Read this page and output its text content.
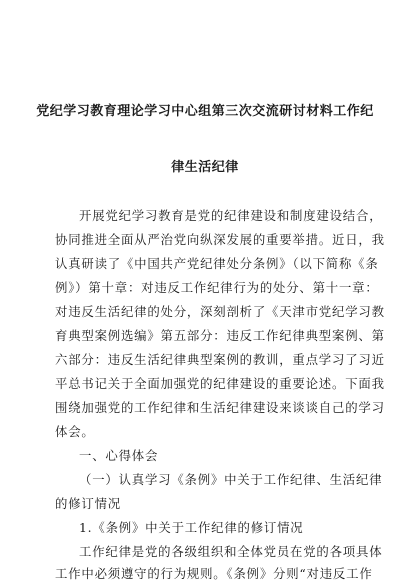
党纪学习教育理论学习中心组第三次交流研讨材料工作纪
律生活纪律
开展党纪学习教育是党的纪律建设和制度建设结合，
协同推进全面从严治党向纵深发展的重要举措。近日，我
认真研读了《中国共产党纪律处分条例》（以下简称《条
例》）第十章：对违反工作纪律行为的处分、第十一章：
对违反生活纪律的处分，深刻剖析了《天津市党纪学习教
育典型案例选编》第五部分：违反工作纪律典型案例、第
六部分：违反生活纪律典型案例的教训，重点学习了习近
平总书记关于全面加强党的纪律建设的重要论述。下面我
围绕加强党的工作纪律和生活纪律建设来谈谈自己的学习
体会。
一、心得体会
（一）认真学习《条例》中关于工作纪律、生活纪律
的修订情况
1.《条例》中关于工作纪律的修订情况
工作纪律是党的各级组织和全体党员在党的各项具体
工作中必须遵守的行为规则。《条例》分则“对违反工作
